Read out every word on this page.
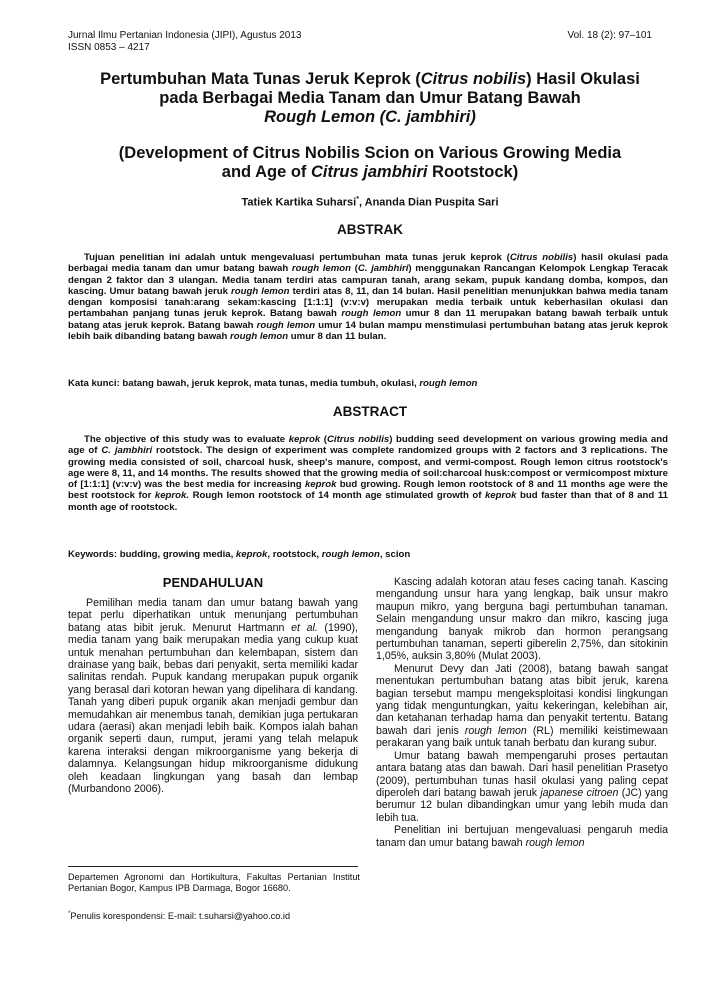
Jurnal Ilmu Pertanian Indonesia (JIPI), Agustus 2013
ISSN 0853 – 4217
Vol. 18 (2): 97–101
Pertumbuhan Mata Tunas Jeruk Keprok (Citrus nobilis) Hasil Okulasi
pada Berbagai Media Tanam dan Umur Batang Bawah
Rough Lemon (C. jambhiri)
(Development of Citrus Nobilis Scion on Various Growing Media
and Age of Citrus jambhiri Rootstock)
Tatiek Kartika Suharsi*, Ananda Dian Puspita Sari
ABSTRAK
Tujuan penelitian ini adalah untuk mengevaluasi pertumbuhan mata tunas jeruk keprok (Citrus nobilis) hasil okulasi pada berbagai media tanam dan umur batang bawah rough lemon (C. jambhiri) menggunakan Rancangan Kelompok Lengkap Teracak dengan 2 faktor dan 3 ulangan. Media tanam terdiri atas campuran tanah, arang sekam, pupuk kandang domba, kompos, dan kascing. Umur batang bawah jeruk rough lemon terdiri atas 8, 11, dan 14 bulan. Hasil penelitian menunjukkan bahwa media tanam dengan komposisi tanah:arang sekam:kascing [1:1:1] (v:v:v) merupakan media terbaik untuk keberhasilan okulasi dan pertambahan panjang tunas jeruk keprok. Batang bawah rough lemon umur 8 dan 11 merupakan batang bawah terbaik untuk batang atas jeruk keprok. Batang bawah rough lemon umur 14 bulan mampu menstimulasi pertumbuhan batang atas jeruk keprok lebih baik dibanding batang bawah rough lemon umur 8 dan 11 bulan.
Kata kunci: batang bawah, jeruk keprok, mata tunas, media tumbuh, okulasi, rough lemon
ABSTRACT
The objective of this study was to evaluate keprok (Citrus nobilis) budding seed development on various growing media and age of C. jambhiri rootstock. The design of experiment was complete randomized groups with 2 factors and 3 replications. The growing media consisted of soil, charcoal husk, sheep's manure, compost, and vermi-compost. Rough lemon citrus rootstock's age were 8, 11, and 14 months. The results showed that the growing media of soil:charcoal husk:compost or vermicompost mixture of [1:1:1] (v:v:v) was the best media for increasing keprok bud growing. Rough lemon rootstock of 8 and 11 months age were the best rootstock for keprok. Rough lemon rootstock of 14 month age stimulated growth of keprok bud faster than that of 8 and 11 month age of rootstock.
Keywords: budding, growing media, keprok, rootstock, rough lemon, scion
PENDAHULUAN

Pemilihan media tanam dan umur batang bawah yang tepat perlu diperhatikan untuk menunjang pertumbuhan batang atas bibit jeruk. Menurut Hartmann et al. (1990), media tanam yang baik merupakan media yang cukup kuat untuk menahan pertumbuhan dan kelembapan, sistem dan drainase yang baik, bebas dari penyakit, serta memiliki kadar salinitas rendah. Pupuk kandang merupakan pupuk organik yang berasal dari kotoran hewan yang dipelihara di kandang. Tanah yang diberi pupuk organik akan menjadi gembur dan memudahkan air menembus tanah, demikian juga pertukaran udara (aerasi) akan menjadi lebih baik. Kompos ialah bahan organik seperti daun, rumput, jerami yang telah melapuk karena interaksi dengan mikroorganisme yang bekerja di dalamnya. Kelangsungan hidup mikroorganisme didukung oleh keadaan lingkungan yang basah dan lembap (Murbandono 2006).

Kascing adalah kotoran atau feses cacing tanah. Kascing mengandung unsur hara yang lengkap, baik unsur makro maupun mikro, yang berguna bagi pertumbuhan tanaman. Selain mengandung unsur makro dan mikro, kascing juga mengandung banyak mikrob dan hormon perangsang pertumbuhan tanaman, seperti giberelin 2,75%, dan sitokinin 1,05%, auksin 3,80% (Mulat 2003).

Menurut Devy dan Jati (2008), batang bawah sangat menentukan pertumbuhan batang atas bibit jeruk, karena bagian tersebut mampu mengeksploitasi kondisi lingkungan yang tidak menguntungkan, yaitu kekeringan, kelebihan air, dan ketahanan terhadap hama dan penyakit tertentu. Batang bawah dari jenis rough lemon (RL) memiliki keistimewaan perakaran yang baik untuk tanah berbatu dan kurang subur.

Umur batang bawah mempengaruhi proses pertautan antara batang atas dan bawah. Dari hasil penelitian Prasetyo (2009), pertumbuhan tunas hasil okulasi yang paling cepat diperoleh dari batang bawah jeruk japanese citroen (JC) yang berumur 12 bulan dibandingkan umur yang lebih muda dan lebih tua.

Penelitian ini bertujuan mengevaluasi pengaruh media tanam dan umur batang bawah rough lemon

Departemen Agronomi dan Hortikultura, Fakultas Pertanian Institut Pertanian Bogor, Kampus IPB Darmaga, Bogor 16680.
*Penulis korespondensi: E-mail: t.suharsi@yahoo.co.id
